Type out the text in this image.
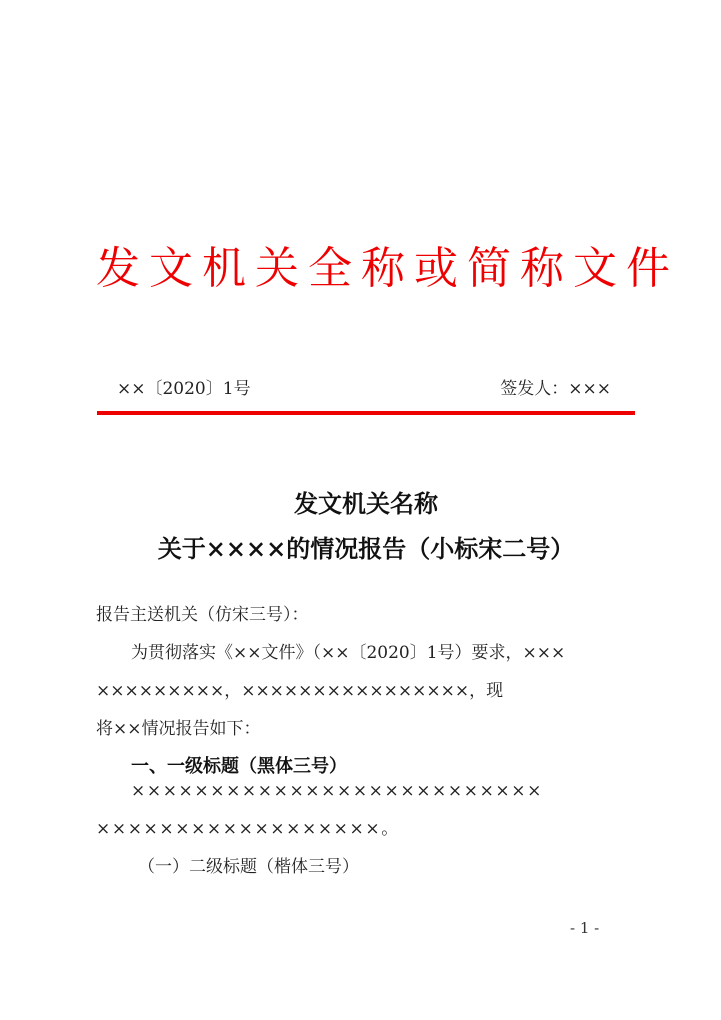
发文机关全称或简称文件
××〔2020〕1号	签发人：×××
发文机关名称
关于××××的情况报告（小标宋二号）
报告主送机关（仿宋三号）：
为贯彻落实《××文件》（××〔2020〕1号）要求，×××
×××××××××，××××××××××××××××，现
将××情况报告如下：
一、一级标题（黑体三号）
××××××××××××××××××××××××××
××××××××××××××××××。
（一）二级标题（楷体三号）
- 1 -
